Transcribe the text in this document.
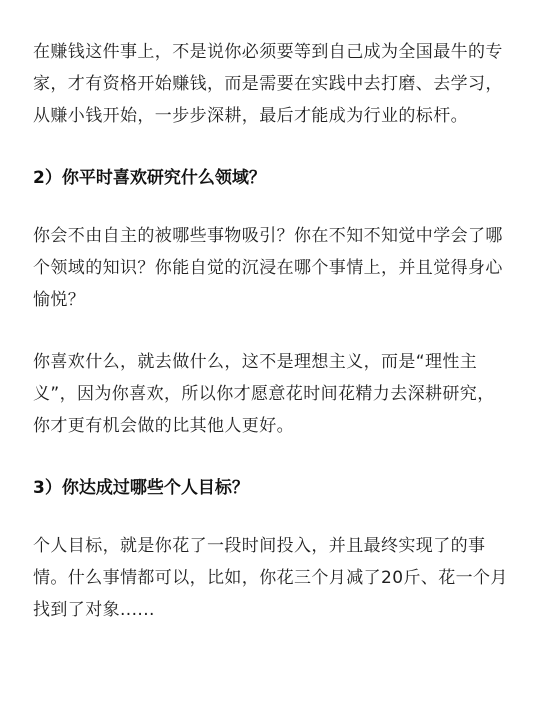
在赚钱这件事上，不是说你必须要等到自己成为全国最牛的专家，才有资格开始赚钱，而是需要在实践中去打磨、去学习，从赚小钱开始，一步步深耕，最后才能成为行业的标杆。

2）你平时喜欢研究什么领域？

你会不由自主的被哪些事物吸引？你在不知不知觉中学会了哪个领域的知识？你能自觉的沉浸在哪个事情上，并且觉得身心愉悦？

你喜欢什么，就去做什么，这不是理想主义，而是“理性主义”，因为你喜欢，所以你才愿意花时间花精力去深耕研究，你才更有机会做的比其他人更好。

3）你达成过哪些个人目标？

个人目标，就是你花了一段时间投入，并且最终实现了的事情。什么事情都可以，比如，你花三个月减了20斤、花一个月找到了对象......
